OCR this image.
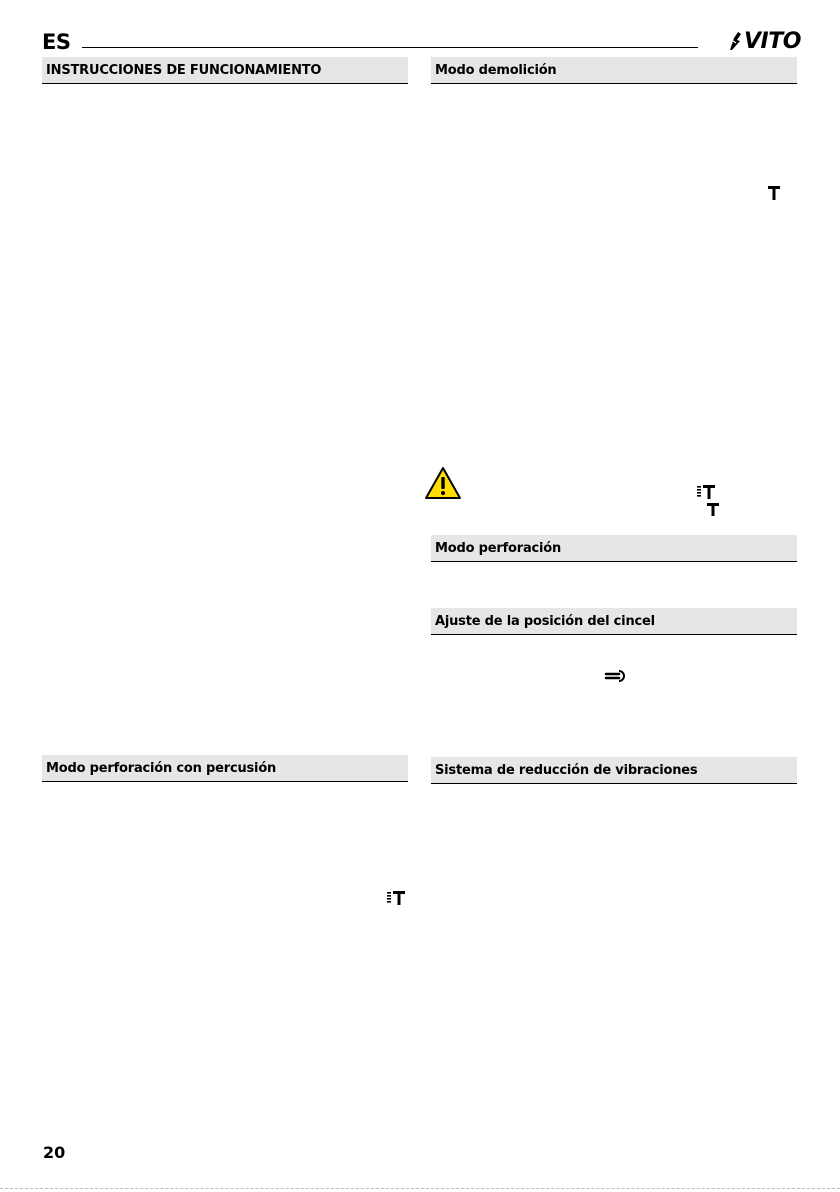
ES	VITO
INSTRUCCIONES DE FUNCIONAMIENTO
Modo perforación con percusión
Modo demolición
Modo perforación
Ajuste de la posición del cincel
Sistema de reducción de vibraciones
20
